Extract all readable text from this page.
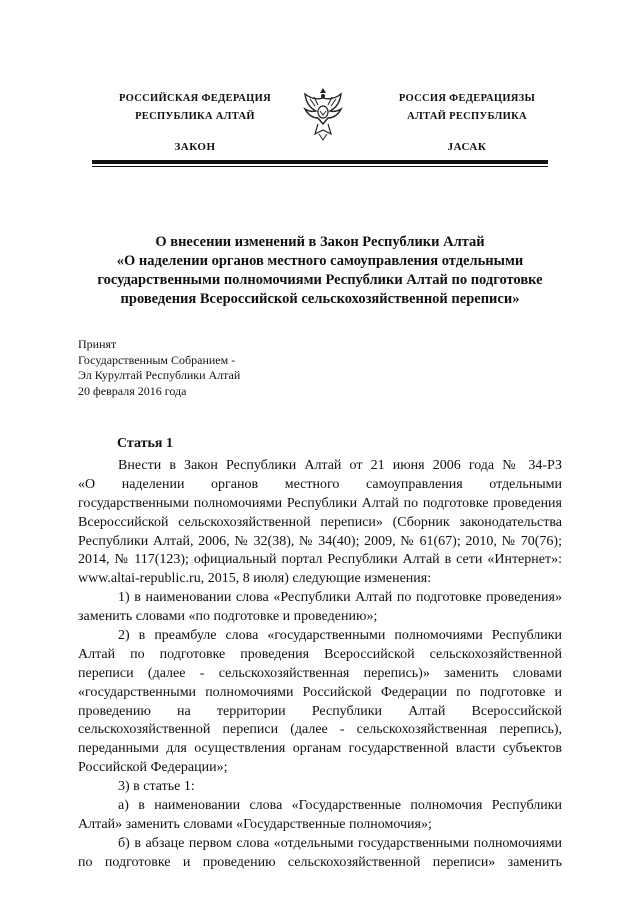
РОССИЙСКАЯ ФЕДЕРАЦИЯ
РЕСПУБЛИКА АЛТАЙ
ЗАКОН
РОССИЯ ФЕДЕРАЦИЯЗЫ
АЛТАЙ РЕСПУБЛИКА
JАСАК
О внесении изменений в Закон Республики Алтай
«О наделении органов местного самоуправления отдельными
государственными полномочиями Республики Алтай по подготовке
проведения Всероссийской сельскохозяйственной переписи»
Принят
Государственным Собранием -
Эл Курултай Республики Алтай
20 февраля 2016 года
Статья 1
Внести в Закон Республики Алтай от 21 июня 2006 года № 34-РЗ
«О наделении органов местного самоуправления отдельными
государственными полномочиями Республики Алтай по подготовке проведения
Всероссийской сельскохозяйственной переписи» (Сборник законодательства
Республики Алтай, 2006, № 32(38), № 34(40); 2009, № 61(67); 2010, № 70(76);
2014, № 117(123); официальный портал Республики Алтай в сети «Интернет»:
www.altai-republic.ru, 2015, 8 июля) следующие изменения:
1) в наименовании слова «Республики Алтай по подготовке проведения»
заменить словами «по подготовке и проведению»;
2) в преамбуле слова «государственными полномочиями Республики
Алтай по подготовке проведения Всероссийской сельскохозяйственной
переписи (далее - сельскохозяйственная перепись)» заменить словами
«государственными полномочиями Российской Федерации по подготовке и
проведению на территории Республики Алтай Всероссийской
сельскохозяйственной переписи (далее - сельскохозяйственная перепись),
переданными для осуществления органам государственной власти субъектов
Российской Федерации»;
3) в статье 1:
а) в наименовании слова «Государственные полномочия Республики
Алтай» заменить словами «Государственные полномочия»;
б) в абзаце первом слова «отдельными государственными полномочиями
по подготовке и проведению сельскохозяйственной переписи» заменить
